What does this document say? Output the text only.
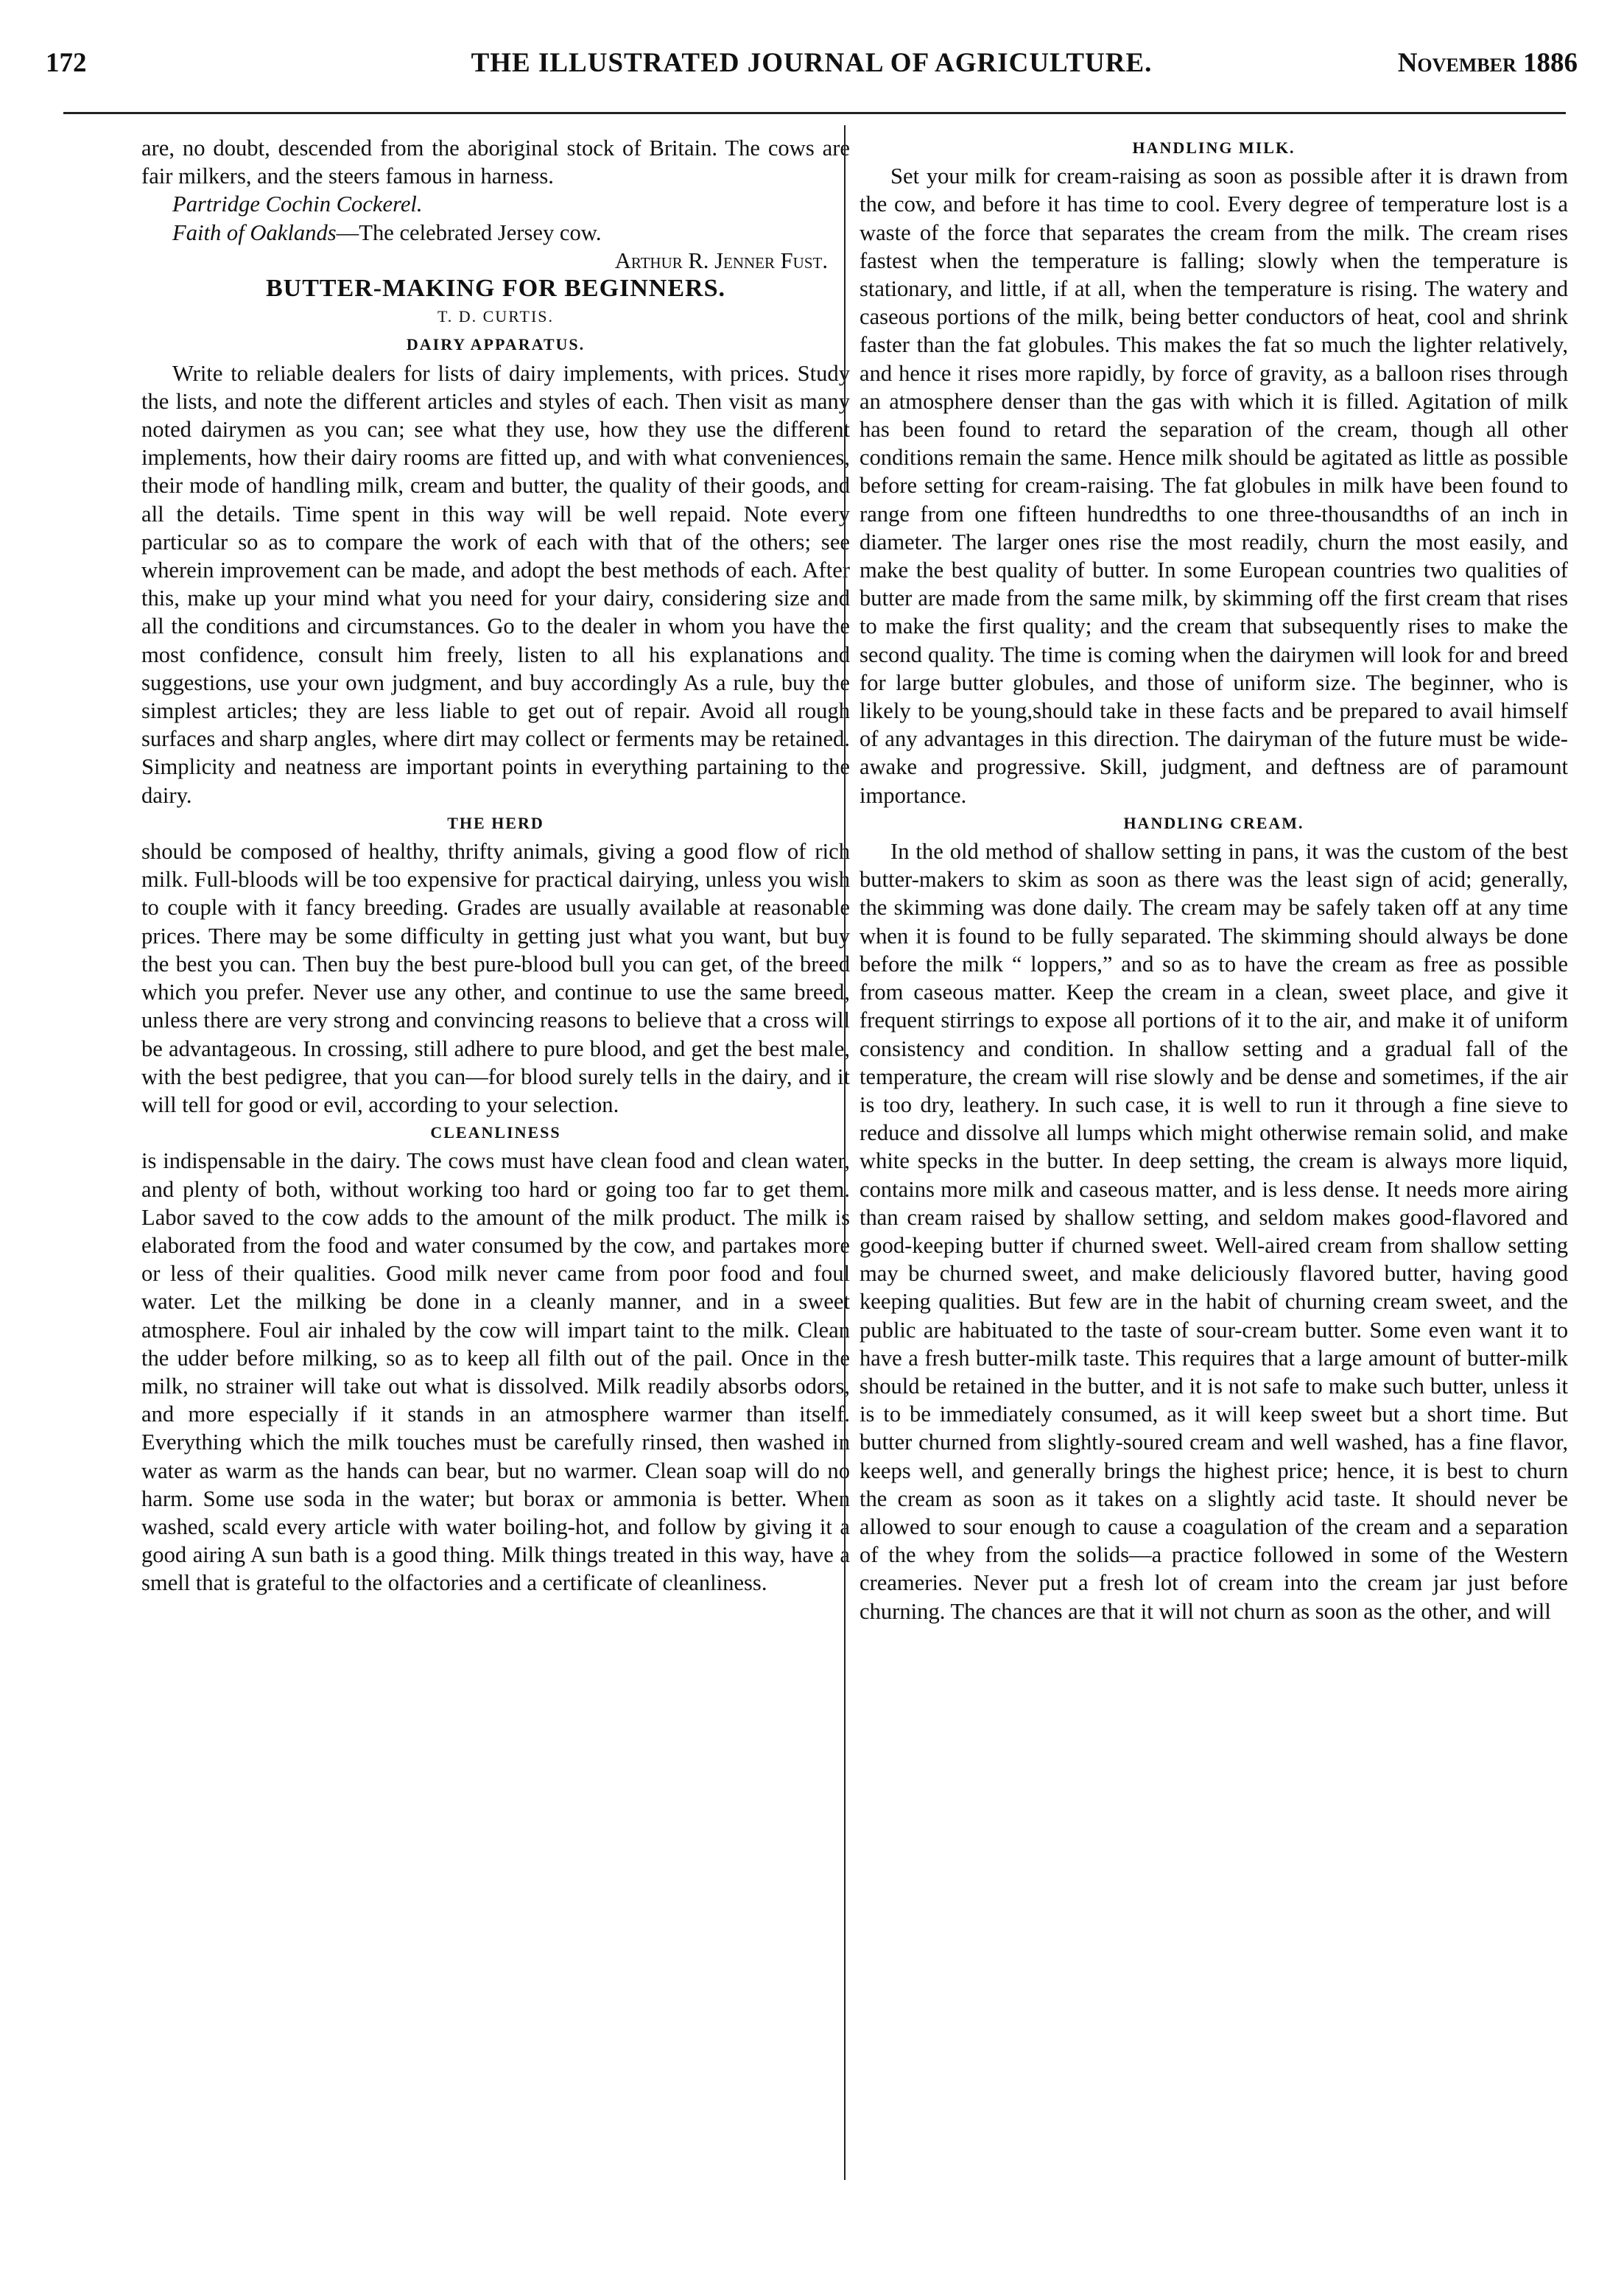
172	THE ILLUSTRATED JOURNAL OF AGRICULTURE.	November 1886

are, no doubt, descended from the aboriginal stock of Britain. The cows are fair milkers, and the steers famous in harness.

Partridge Cochin Cockerel.

Faith of Oaklands—The celebrated Jersey cow.

Arthur R. Jenner Fust.

BUTTER-MAKING FOR BEGINNERS.

T. D. CURTIS.

DAIRY APPARATUS.

Write to reliable dealers for lists of dairy implements, with prices. Study the lists, and note the different articles and styles of each. Then visit as many noted dairymen as you can; see what they use, how they use the different implements, how their dairy rooms are fitted up, and with what conveniences, their mode of handling milk, cream and butter, the quality of their goods, and all the details. Time spent in this way will be well repaid. Note every particular so as to compare the work of each with that of the others; see wherein improvement can be made, and adopt the best methods of each. After this, make up your mind what you need for your dairy, considering size and all the conditions and circumstances. Go to the dealer in whom you have the most confidence, consult him freely, listen to all his explanations and suggestions, use your own judgment, and buy accordingly As a rule, buy the simplest articles; they are less liable to get out of repair. Avoid all rough surfaces and sharp angles, where dirt may collect or ferments may be retained. Simplicity and neatness are important points in everything partaining to the dairy.

THE HERD

should be composed of healthy, thrifty animals, giving a good flow of rich milk. Full-bloods will be too expensive for practical dairying, unless you wish to couple with it fancy breeding. Grades are usually available at reasonable prices. There may be some difficulty in getting just what you want, but buy the best you can. Then buy the best pure-blood bull you can get, of the breed which you prefer. Never use any other, and continue to use the same breed, unless there are very strong and convincing reasons to believe that a cross will be advantageous. In crossing, still adhere to pure blood, and get the best male, with the best pedigree, that you can—for blood surely tells in the dairy, and it will tell for good or evil, according to your selection.

CLEANLINESS

is indispensable in the dairy. The cows must have clean food and clean water, and plenty of both, without working too hard or going too far to get them. Labor saved to the cow adds to the amount of the milk product. The milk is elaborated from the food and water consumed by the cow, and partakes more or less of their qualities. Good milk never came from poor food and foul water. Let the milking be done in a cleanly manner, and in a sweet atmosphere. Foul air inhaled by the cow will impart taint to the milk. Clean the udder before milking, so as to keep all filth out of the pail. Once in the milk, no strainer will take out what is dissolved. Milk readily absorbs odors, and more especially if it stands in an atmosphere warmer than itself. Everything which the milk touches must be carefully rinsed, then washed in water as warm as the hands can bear, but no warmer. Clean soap will do no harm. Some use soda in the water; but borax or ammonia is better. When washed, scald every article with water boiling-hot, and follow by giving it a good airing A sun bath is a good thing. Milk things treated in this way, have a smell that is grateful to the olfactories and a certificate of cleanliness.

HANDLING MILK.

Set your milk for cream-raising as soon as possible after it is drawn from the cow, and before it has time to cool. Every degree of temperature lost is a waste of the force that separates the cream from the milk. The cream rises fastest when the temperature is falling; slowly when the temperature is stationary, and little, if at all, when the temperature is rising. The watery and caseous portions of the milk, being better conductors of heat, cool and shrink faster than the fat globules. This makes the fat so much the lighter relatively, and hence it rises more rapidly, by force of gravity, as a balloon rises through an atmosphere denser than the gas with which it is filled. Agitation of milk has been found to retard the separation of the cream, though all other conditions remain the same. Hence milk should be agitated as little as possible before setting for cream-raising. The fat globules in milk have been found to range from one fifteen hundredths to one three-thousandths of an inch in diameter. The larger ones rise the most readily, churn the most easily, and make the best quality of butter. In some European countries two qualities of butter are made from the same milk, by skimming off the first cream that rises to make the first quality; and the cream that subsequently rises to make the second quality. The time is coming when the dairymen will look for and breed for large butter globules, and those of uniform size. The beginner, who is likely to be young,should take in these facts and be prepared to avail himself of any advantages in this direction. The dairyman of the future must be wide-awake and progressive. Skill, judgment, and deftness are of paramount importance.

HANDLING CREAM.

In the old method of shallow setting in pans, it was the custom of the best butter-makers to skim as soon as there was the least sign of acid; generally, the skimming was done daily. The cream may be safely taken off at any time when it is found to be fully separated. The skimming should always be done before the milk “ loppers,” and so as to have the cream as free as possible from caseous matter. Keep the cream in a clean, sweet place, and give it frequent stirrings to expose all portions of it to the air, and make it of uniform consistency and condition. In shallow setting and a gradual fall of the temperature, the cream will rise slowly and be dense and sometimes, if the air is too dry, leathery. In such case, it is well to run it through a fine sieve to reduce and dissolve all lumps which might otherwise remain solid, and make white specks in the butter. In deep setting, the cream is always more liquid, contains more milk and caseous matter, and is less dense. It needs more airing than cream raised by shallow setting, and seldom makes good-flavored and good-keeping butter if churned sweet. Well-aired cream from shallow setting may be churned sweet, and make deliciously flavored butter, having good keeping qualities. But few are in the habit of churning cream sweet, and the public are habituated to the taste of sour-cream butter. Some even want it to have a fresh butter-milk taste. This requires that a large amount of butter-milk should be retained in the butter, and it is not safe to make such butter, unless it is to be immediately consumed, as it will keep sweet but a short time. But butter churned from slightly-soured cream and well washed, has a fine flavor, keeps well, and generally brings the highest price; hence, it is best to churn the cream as soon as it takes on a slightly acid taste. It should never be allowed to sour enough to cause a coagulation of the cream and a separation of the whey from the solids—a practice followed in some of the Western creameries. Never put a fresh lot of cream into the cream jar just before churning. The chances are that it will not churn as soon as the other, and will
